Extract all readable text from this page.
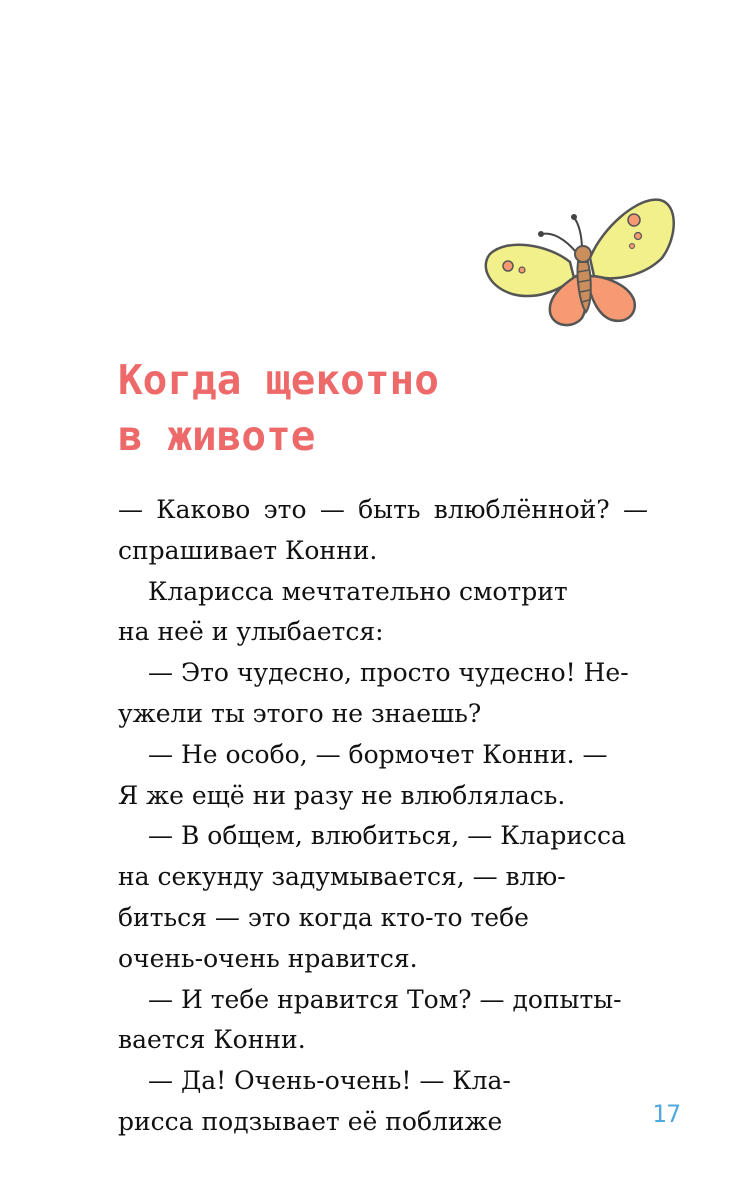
Когда щекотно
в животе
— Каково это — быть влюблённой? —
спрашивает Конни.
Кларисса мечтательно смотрит
на неё и улыбается:
— Это чудесно, просто чудесно! Не-
ужели ты этого не знаешь?
— Не особо, — бормочет Конни. —
Я же ещё ни разу не влюблялась.
— В общем, влюбиться, — Кларисса
на секунду задумывается, — влю-
биться — это когда кто-то тебе
очень-очень нравится.
— И тебе нравится Том? — допыты-
вается Конни.
— Да! Очень-очень! — Кла-
рисса подзывает её поближе	17
